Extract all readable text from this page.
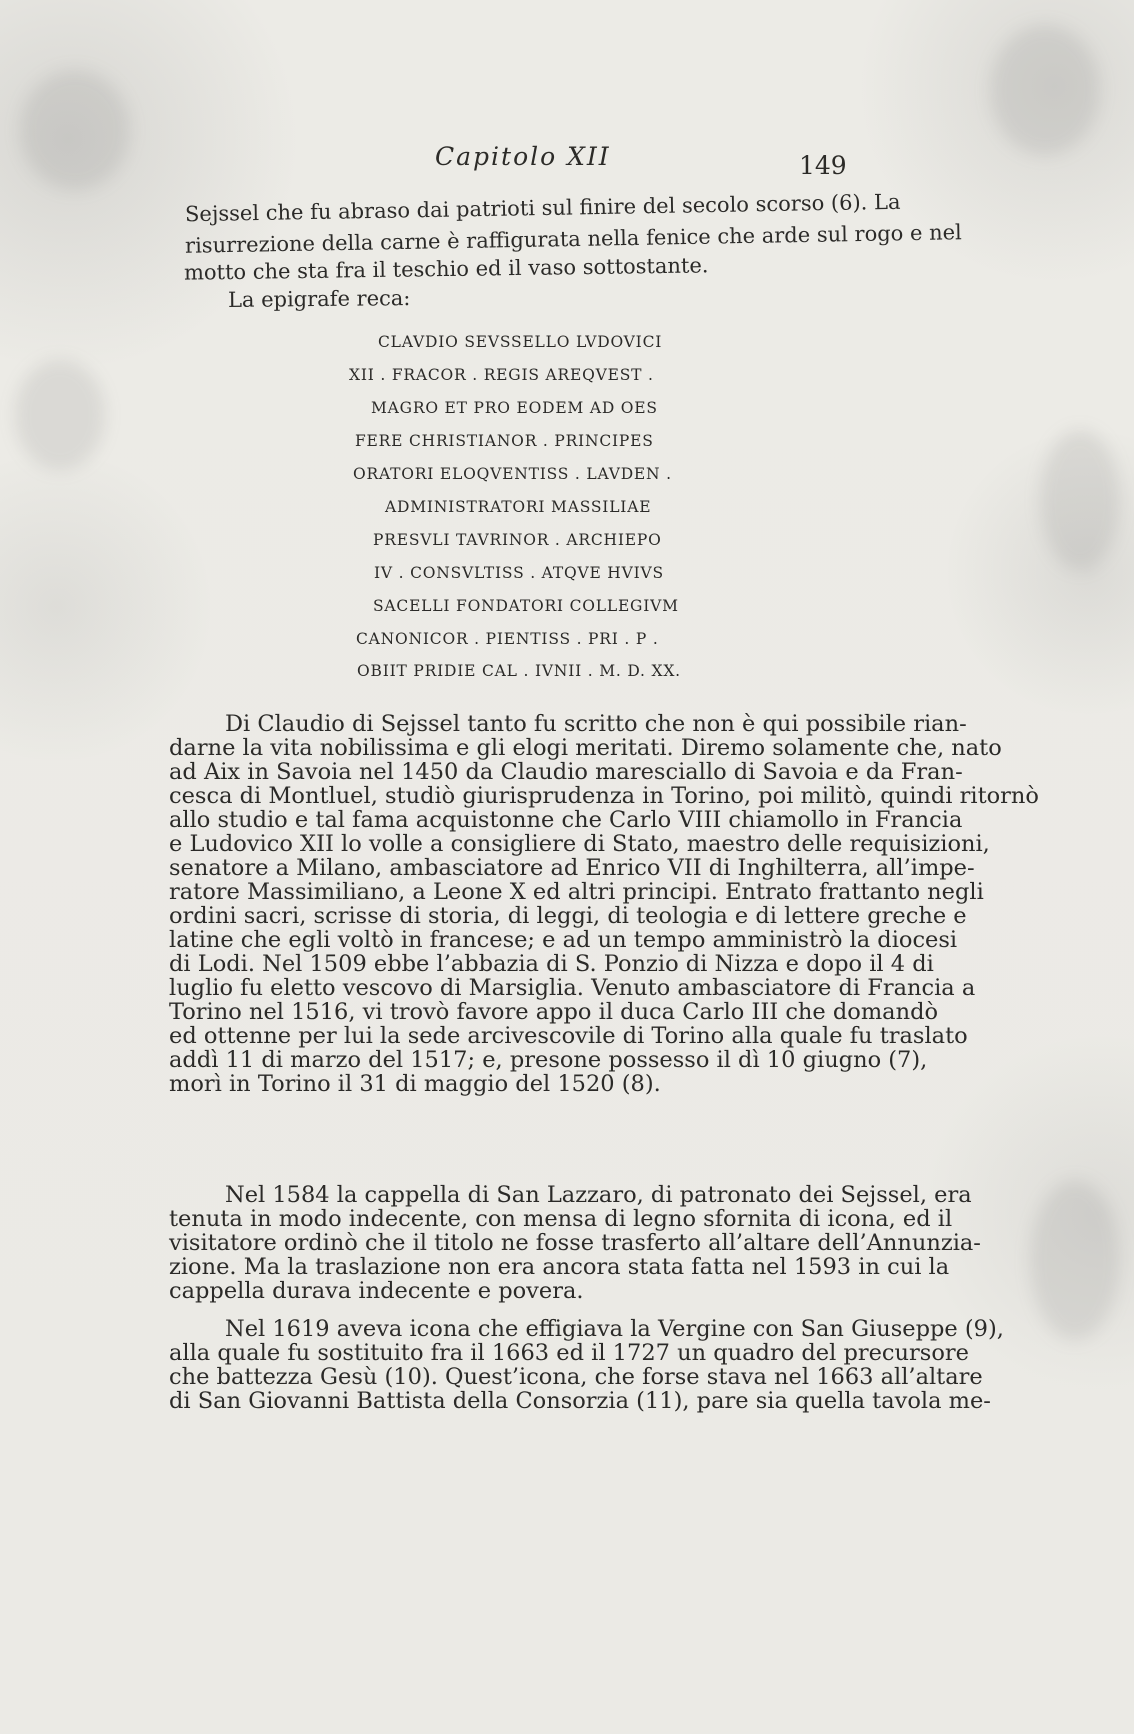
Capitolo XII	149
Sejssel che fu abraso dai patrioti sul finire del secolo scorso (6). La
risurrezione della carne è raffigurata nella fenice che arde sul rogo e nel
motto che sta fra il teschio ed il vaso sottostante.
La epigrafe reca:
CLAVDIO SEVSSELLO LVDOVICI
XII . FRACOR . REGIS AREQVEST .
MAGRO ET PRO EODEM AD OES
FERE CHRISTIANOR . PRINCIPES
ORATORI ELOQVENTISS . LAVDEN .
ADMINISTRATORI MASSILIAE
PRESVLI TAVRINOR . ARCHIEPO
IV . CONSVLTISS . ATQVE HVIVS
SACELLI FONDATORI COLLEGIVM
CANONICOR . PIENTISS . PRI . P .
OBIIT PRIDIE CAL . IVNII . M. D. XX.
Di Claudio di Sejssel tanto fu scritto che non è qui possibile rian-
darne la vita nobilissima e gli elogi meritati. Diremo solamente che, nato
ad Aix in Savoia nel 1450 da Claudio maresciallo di Savoia e da Fran-
cesca di Montluel, studiò giurisprudenza in Torino, poi militò, quindi ritornò
allo studio e tal fama acquistonne che Carlo VIII chiamollo in Francia
e Ludovico XII lo volle a consigliere di Stato, maestro delle requisizioni,
senatore a Milano, ambasciatore ad Enrico VII di Inghilterra, all’impe-
ratore Massimiliano, a Leone X ed altri principi. Entrato frattanto negli
ordini sacri, scrisse di storia, di leggi, di teologia e di lettere greche e
latine che egli voltò in francese; e ad un tempo amministrò la diocesi
di Lodi. Nel 1509 ebbe l’abbazia di S. Ponzio di Nizza e dopo il 4 di
luglio fu eletto vescovo di Marsiglia. Venuto ambasciatore di Francia a
Torino nel 1516, vi trovò favore appo il duca Carlo III che domandò
ed ottenne per lui la sede arcivescovile di Torino alla quale fu traslato
addì 11 di marzo del 1517; e, presone possesso il dì 10 giugno (7),
morì in Torino il 31 di maggio del 1520 (8).
Nel 1584 la cappella di San Lazzaro, di patronato dei Sejssel, era
tenuta in modo indecente, con mensa di legno sfornita di icona, ed il
visitatore ordinò che il titolo ne fosse trasferto all’altare dell’Annunzia-
zione. Ma la traslazione non era ancora stata fatta nel 1593 in cui la
cappella durava indecente e povera.
Nel 1619 aveva icona che effigiava la Vergine con San Giuseppe (9),
alla quale fu sostituito fra il 1663 ed il 1727 un quadro del precursore
che battezza Gesù (10). Quest’icona, che forse stava nel 1663 all’altare
di San Giovanni Battista della Consorzia (11), pare sia quella tavola me-
